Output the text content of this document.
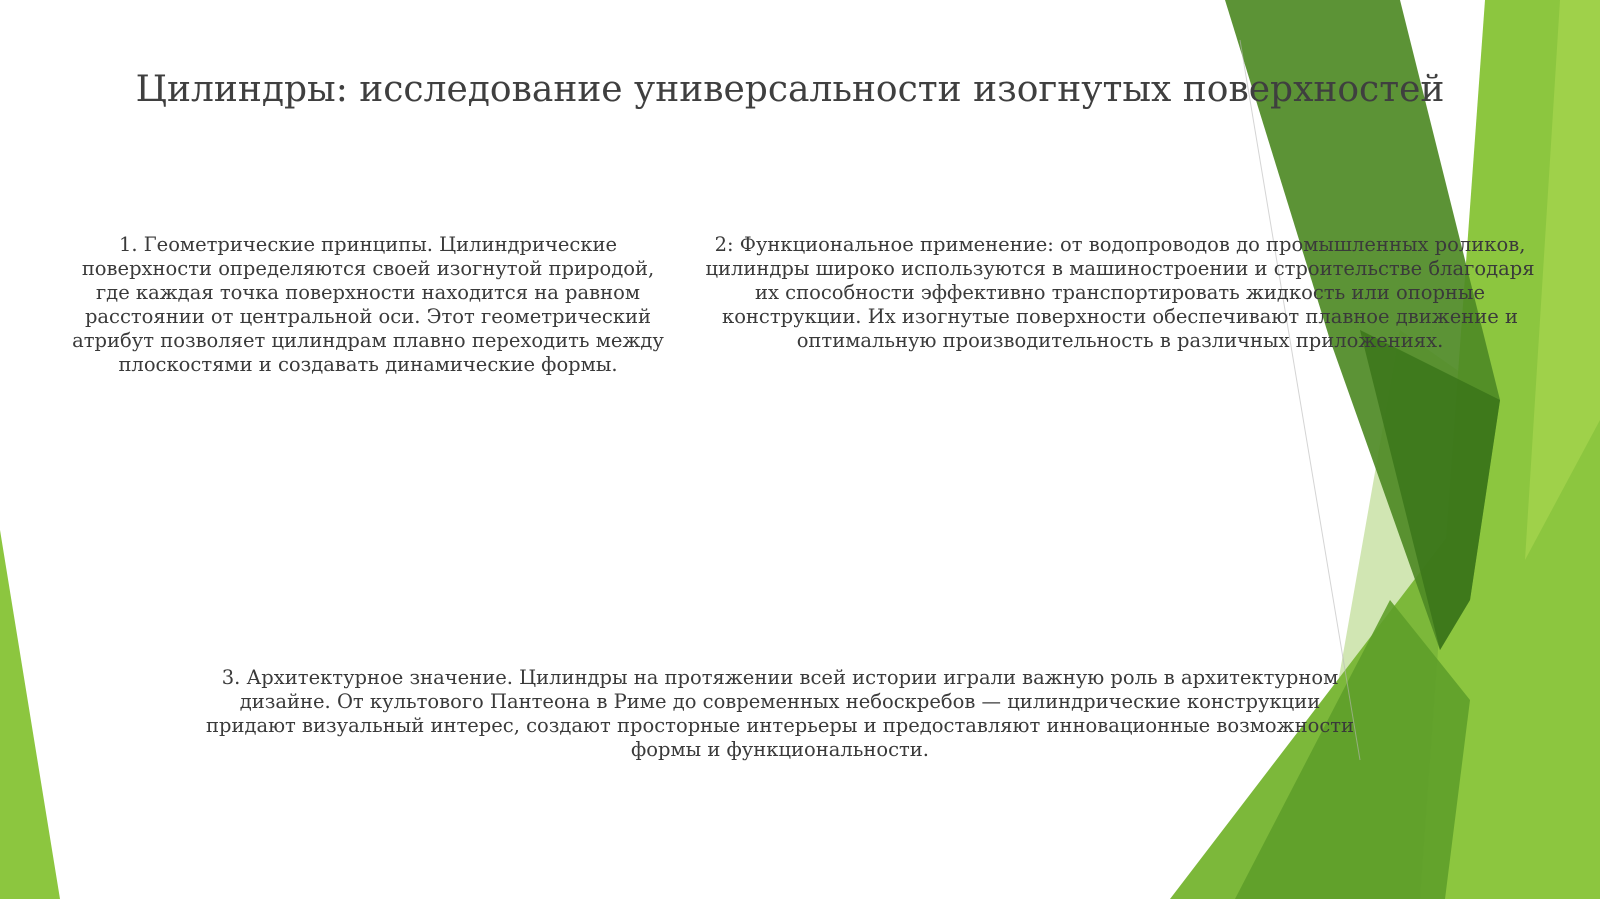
Цилиндры: исследование универсальности изогнутых поверхностей
1. Геометрические принципы. Цилиндрические поверхности определяются своей изогнутой природой, где каждая точка поверхности находится на равном расстоянии от центральной оси. Этот геометрический атрибут позволяет цилиндрам плавно переходить между плоскостями и создавать динамические формы.
2: Функциональное применение: от водопроводов до промышленных роликов, цилиндры широко используются в машиностроении и строительстве благодаря их способности эффективно транспортировать жидкость или опорные конструкции. Их изогнутые поверхности обеспечивают плавное движение и оптимальную производительность в различных приложениях.
3. Архитектурное значение. Цилиндры на протяжении всей истории играли важную роль в архитектурном дизайне. От культового Пантеона в Риме до современных небоскребов — цилиндрические конструкции придают визуальный интерес, создают просторные интерьеры и предоставляют инновационные возможности формы и функциональности.
